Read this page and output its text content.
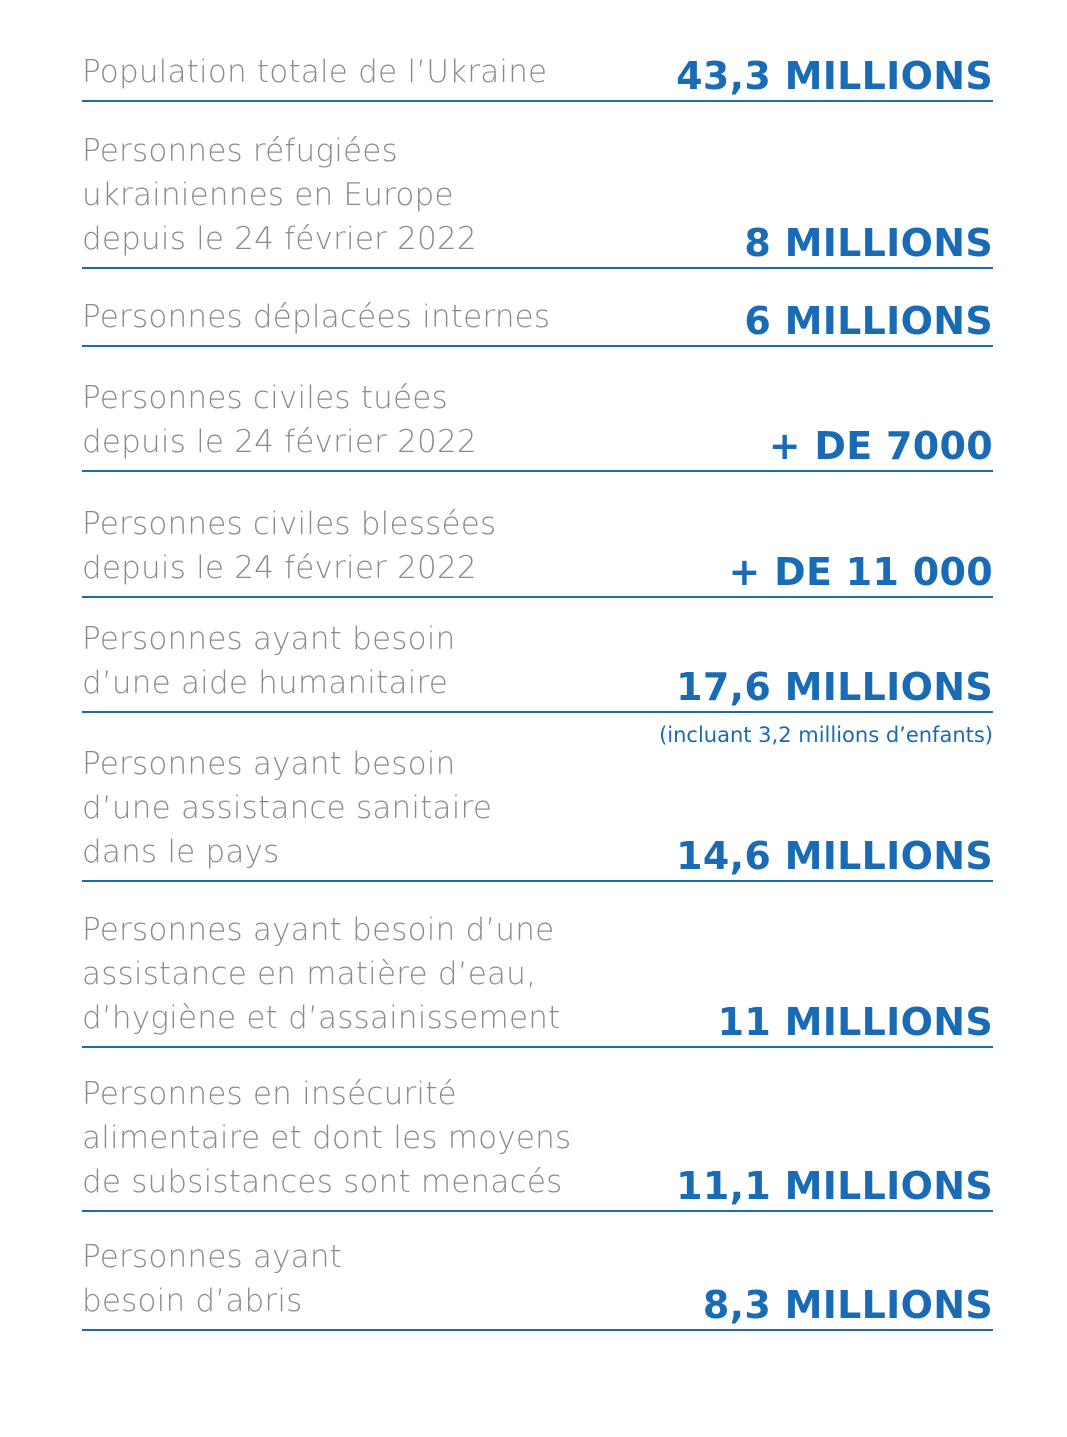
Population totale de l’Ukraine	43,3 MILLIONS
Personnes réfugiées
ukrainiennes en Europe
depuis le 24 février 2022	8 MILLIONS
Personnes déplacées internes	6 MILLIONS
Personnes civiles tuées
depuis le 24 février 2022	+ DE 7000
Personnes civiles blessées
depuis le 24 février 2022	+ DE 11 000
Personnes ayant besoin
d’une aide humanitaire	17,6 MILLIONS
(incluant 3,2 millions d’enfants)
Personnes ayant besoin
d’une assistance sanitaire
dans le pays	14,6 MILLIONS
Personnes ayant besoin d’une
assistance en matière d’eau,
d’hygiène et d’assainissement	11 MILLIONS
Personnes en insécurité
alimentaire et dont les moyens
de subsistances sont menacés	11,1 MILLIONS
Personnes ayant
besoin d’abris	8,3 MILLIONS
